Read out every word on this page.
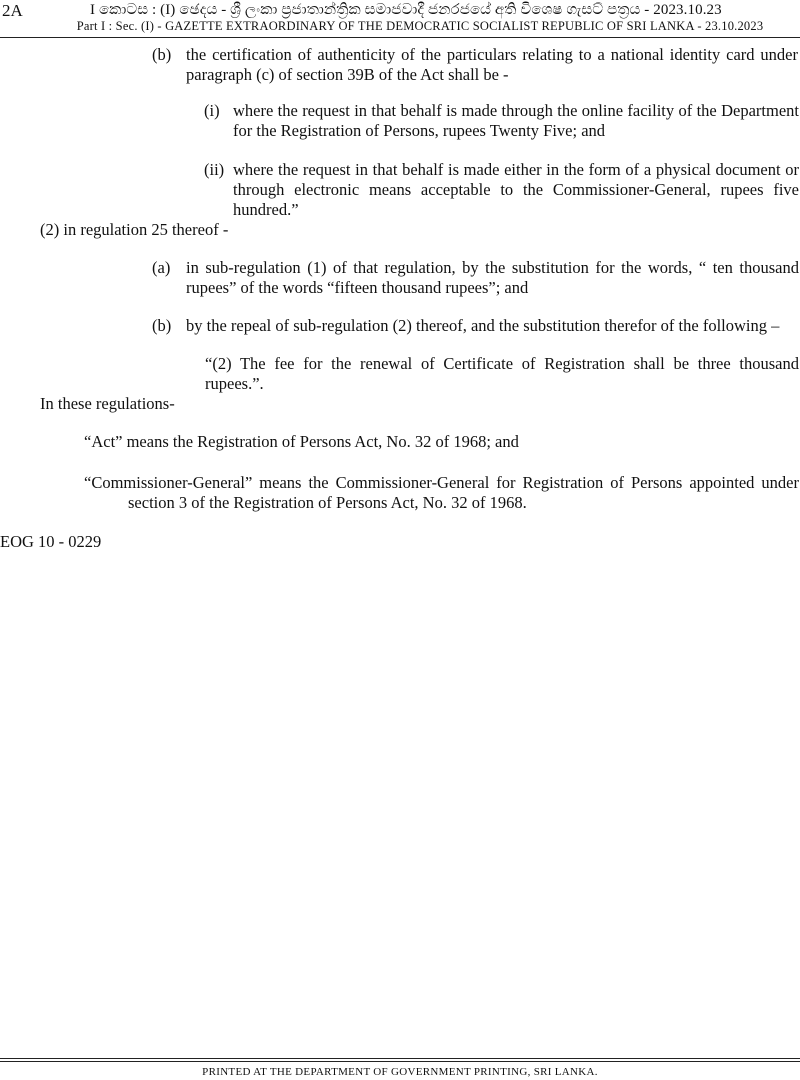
2A	I කොටස : (I) ඡෙදය - ශ්‍රී ලංකා ප්‍රජාතාන්ත්‍රික සමාජවාදී ජනරජයේ අති විශෙෂ ගැසට් පත්‍රය - 2023.10.23
Part I : Sec. (I) - GAZETTE EXTRAORDINARY OF THE DEMOCRATIC SOCIALIST REPUBLIC OF SRI LANKA - 23.10.2023
(b) the certification of authenticity of the particulars relating to a national identity card under paragraph (c) of section 39B of the Act shall be -
(i) where the request in that behalf is made through the online facility of the Department for the Registration of Persons, rupees Twenty Five; and
(ii) where the request in that behalf is made either in the form of a physical document or through electronic means acceptable to the Commissioner-General, rupees five hundred.”
(2) in regulation 25 thereof -
(a) in sub-regulation (1) of that regulation, by the substitution for the words, “ ten thousand rupees” of the words “fifteen thousand rupees”; and
(b) by the repeal of sub-regulation (2) thereof, and the substitution therefor of the following –
“(2) The fee for the renewal of Certificate of Registration shall be three thousand rupees.”.
In these regulations-
“Act” means the Registration of Persons Act, No. 32 of 1968; and
“Commissioner-General” means the Commissioner-General for Registration of Persons appointed under section 3 of the Registration of Persons Act, No. 32 of 1968.
EOG 10 - 0229
PRINTED AT THE DEPARTMENT OF GOVERNMENT PRINTING, SRI LANKA.
